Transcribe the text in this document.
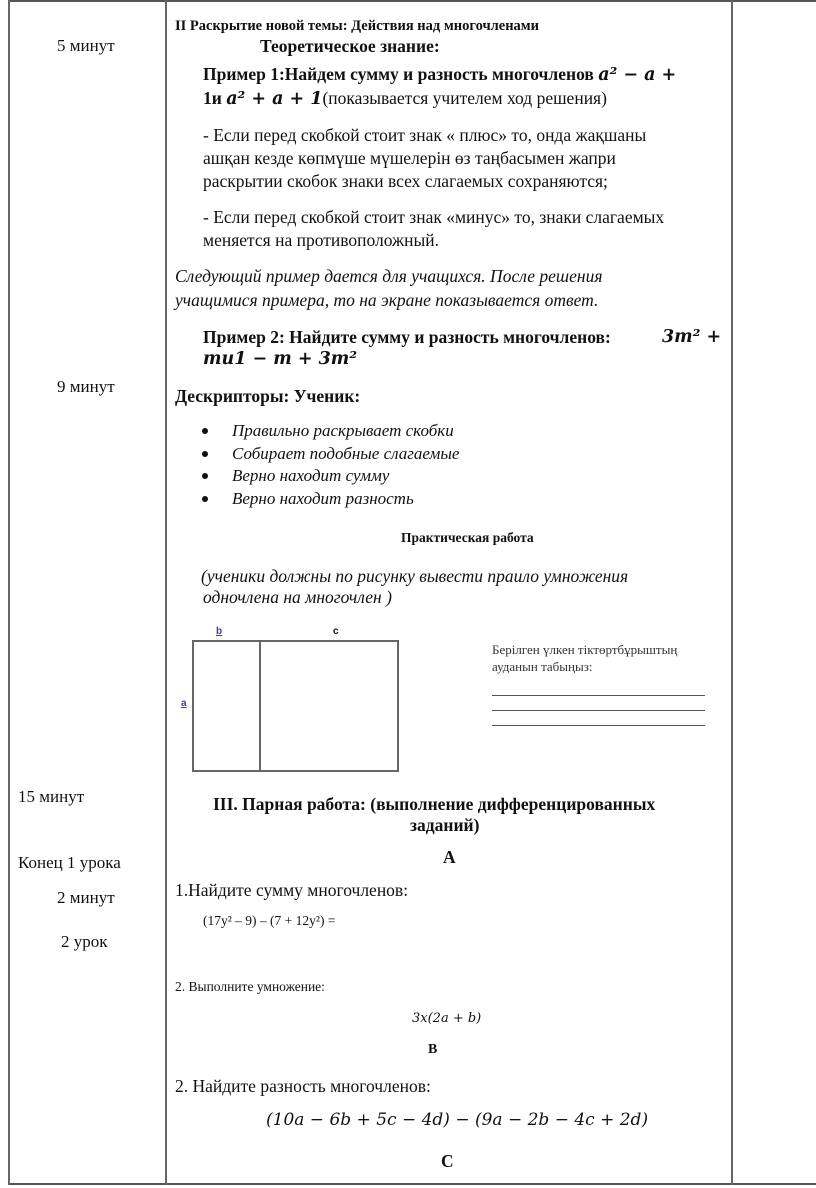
5 минут
9 минут
15 минут
Конец 1 урока
2 минут
2 урок
II Раскрытие новой темы: Действия над многочленами
Теоретическое знание:
Пример 1:Найдем сумму и разность многочленов a² − a +
1и a² + a + 1(показывается учителем ход решения)
- Если перед скобкой стоит знак « плюс» то, онда жақшаны
ашқан кезде көпмүше мүшелерін өз таңбасымен жапри
раскрытии скобок знаки всех слагаемых сохраняются;
- Если перед скобкой стоит знак «минус» то, знаки слагаемых
меняется на противоположный.
Следующий пример дается для учащихся. После решения
учащимися примера, то на экране показывается ответ.
Пример 2: Найдите сумму и разность многочленов:	3m² +
mи1 − m + 3m²
Дескрипторы: Ученик:
Правильно раскрывает скобки
Собирает подобные слагаемые
Верно находит сумму
Верно находит разность
Практическая работа
(ученики должны по рисунку вывести праило умножения
одночлена на многочлен )
b	c
a
Берілген үлкен тіктөртбұрыштың
ауданын табыңыз:
III. Парная работа: (выполнение дифференцированных
заданий)
А
1.Найдите сумму многочленов:
(17y² – 9) – (7 + 12y²) =
2. Выполните умножение:
3x(2a + b)
В
2. Найдите разность многочленов:
(10a − 6b + 5c − 4d) − (9a − 2b − 4c + 2d)
С
